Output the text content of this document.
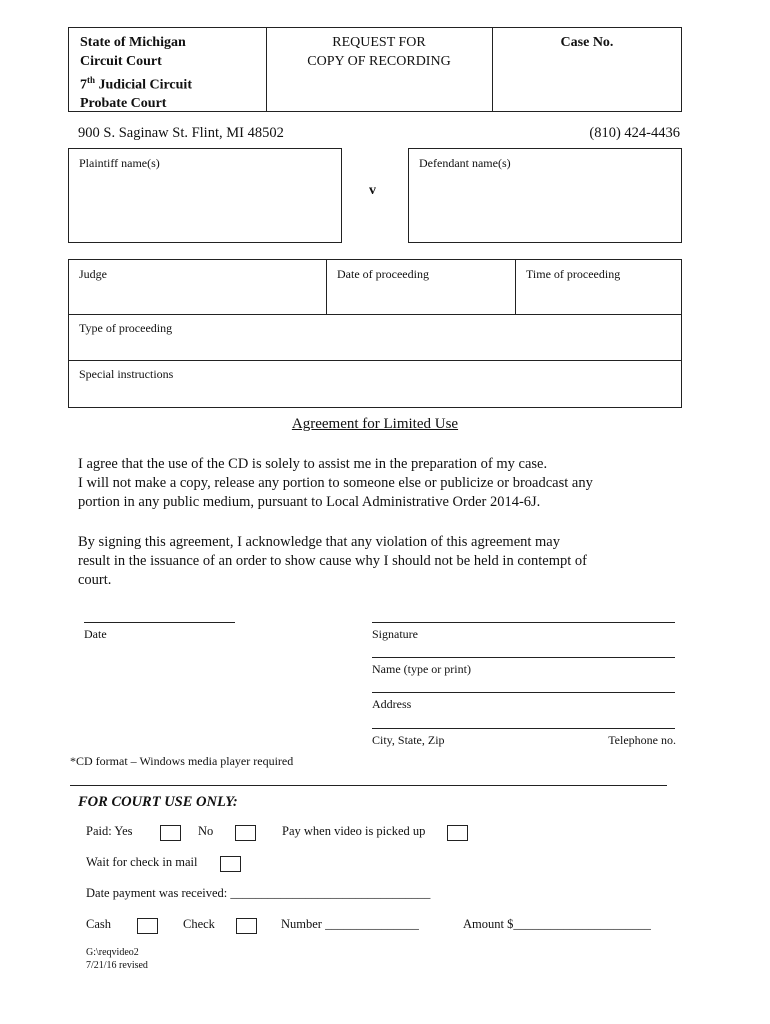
State of Michigan
Circuit Court
7th Judicial Circuit
Probate Court
REQUEST FOR
COPY OF RECORDING
Case No.
900 S. Saginaw St. Flint, MI 48502	(810) 424-4436
Plaintiff name(s)
v
Defendant name(s)
Judge	Date of proceeding	Time of proceeding
Type of proceeding
Special instructions
Agreement for Limited Use
I agree that the use of the CD is solely to assist me in the preparation of my case.
I will not make a copy, release any portion to someone else or publicize or broadcast any
portion in any public medium, pursuant to Local Administrative Order 2014-6J.
By signing this agreement, I acknowledge that any violation of this agreement may
result in the issuance of an order to show cause why I should not be held in contempt of
court.
Date	Signature
Name (type or print)
Address
City, State, Zip	Telephone no.
*CD format – Windows media player required
FOR COURT USE ONLY:
Paid: Yes	No	Pay when video is picked up
Wait for check in mail
Date payment was received: ________________________________
Cash	Check	Number _______________	Amount $______________________
G:\reqvideo2
7/21/16 revised
